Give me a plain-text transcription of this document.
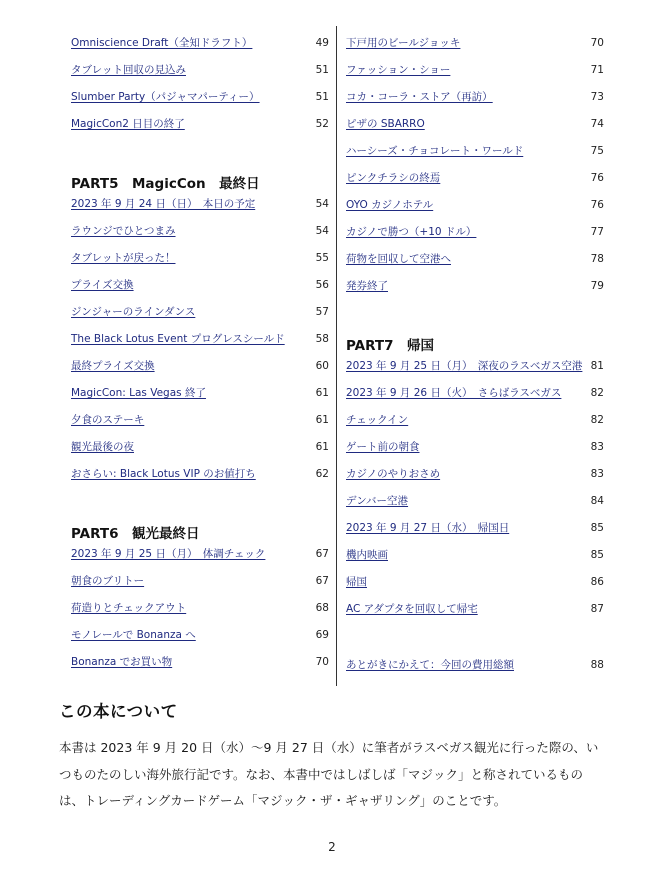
Omniscience Draft（全知ドラフト）	49
タブレット回収の見込み	51
Slumber Party（パジャマパーティー）	51
MagicCon2 日目の終了	52
PART5　MagicCon　最終日
2023 年 9 月 24 日（日）　本日の予定	54
ラウンジでひとつまみ	54
タブレットが戻った！	55
プライズ交換	56
ジンジャーのラインダンス	57
The Black Lotus Event プログレスシールド	58
最終プライズ交換	60
MagicCon: Las Vegas 終了	61
夕食のステーキ	61
観光最後の夜	61
おさらい: Black Lotus VIP のお値打ち	62
PART6　観光最終日
2023 年 9 月 25 日（月）　体調チェック	67
朝食のブリトー	67
荷造りとチェックアウト	68
モノレールで Bonanza へ	69
Bonanza でお買い物	70
下戸用のビールジョッキ	70
ファッション・ショー	71
コカ・コーラ・ストア（再訪）	73
ピザの SBARRO	74
ハーシーズ・チョコレート・ワールド	75
ピンクチラシの終焉	76
OYO カジノホテル	76
カジノで勝つ（+10 ドル）	77
荷物を回収して空港へ	78
発券終了	79
PART7　帰国
2023 年 9 月 25 日（月）　深夜のラスベガス空港 81
2023 年 9 月 26 日（火）　さらばラスベガス	82
チェックイン	82
ゲート前の朝食	83
カジノのやりおさめ	83
デンバー空港	84
2023 年 9 月 27 日（水）　帰国日	85
機内映画	85
帰国	86
AC アダプタを回収して帰宅	87
あとがきにかえて：今回の費用総額	88
この本について
本書は 2023 年 9 月 20 日（水）～9 月 27 日（水）に筆者がラスベガス観光に行った際の、いつものたのしい海外旅行記です。なお、本書中ではしばしば「マジック」と称されているものは、トレーディングカードゲーム「マジック・ザ・ギャザリング」のことです。
2
